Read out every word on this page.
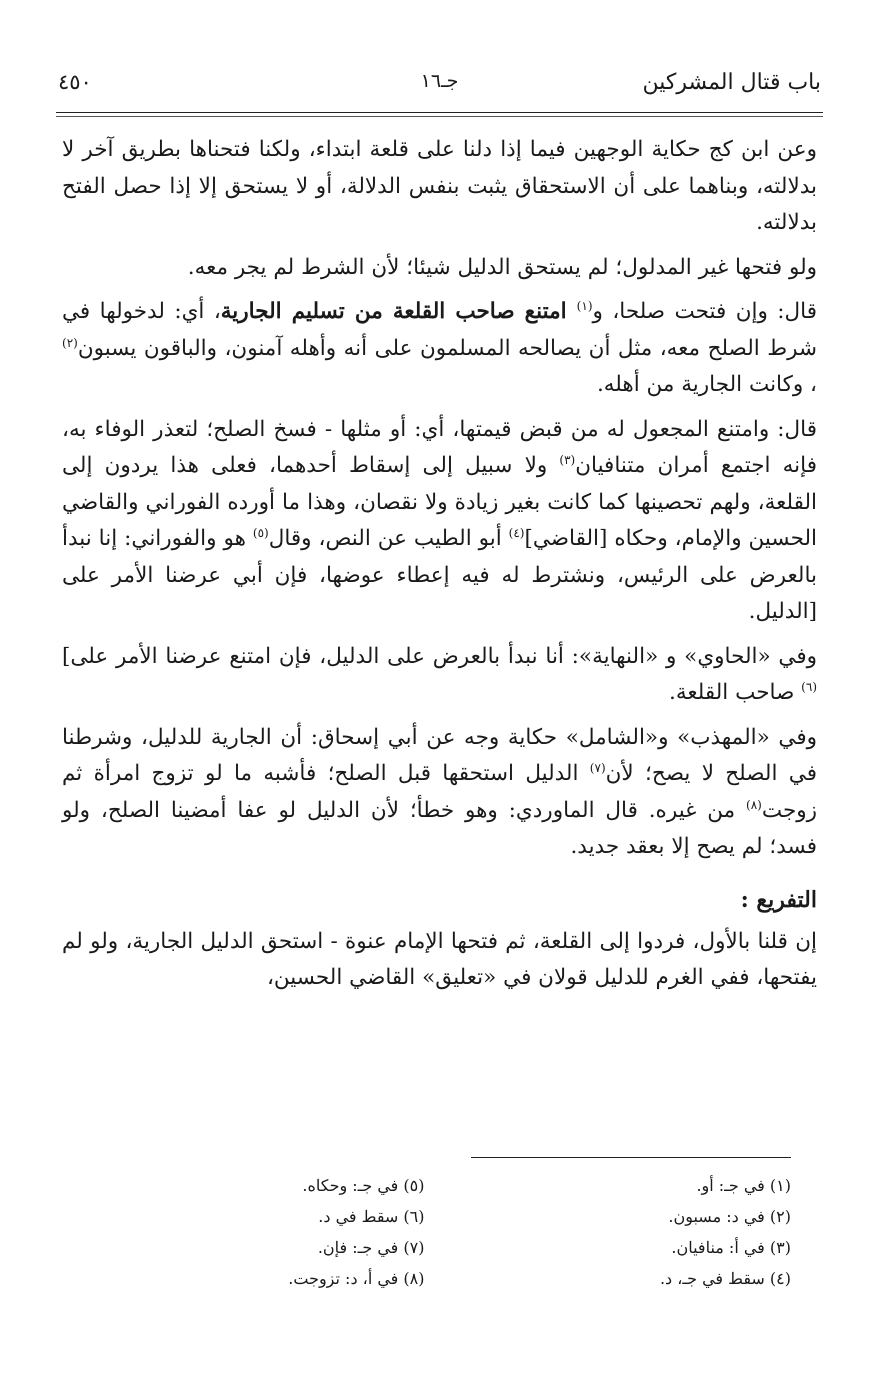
باب قتال المشركين
جـ١٦
٤٥٠

وعن ابن كج حكاية الوجهين فيما إذا دلنا على قلعة ابتداء، ولكنا فتحناها بطريق آخر لا بدلالته، وبناهما على أن الاستحقاق يثبت بنفس الدلالة، أو لا يستحق إلا إذا حصل الفتح بدلالته.

ولو فتحها غير المدلول؛ لم يستحق الدليل شيئا؛ لأن الشرط لم يجر معه.

قال: وإن فتحت صلحا، و$^{(١)}$ امتنع صاحب القلعة من تسليم الجارية، أي: لدخولها في شرط الصلح معه، مثل أن يصالحه المسلمون على أنه وأهله آمنون، والباقون يسبون$^{(٢)}$ ، وكانت الجارية من أهله.

قال: وامتنع المجعول له من قبض قيمتها، أي: أو مثلها - فسخ الصلح؛ لتعذر الوفاء به، فإنه اجتمع أمران متنافيان$^{(٣)}$ ولا سبيل إلى إسقاط أحدهما، فعلى هذا يردون إلى القلعة، ولهم تحصينها كما كانت بغير زيادة ولا نقصان، وهذا ما أورده الفوراني والقاضي الحسين والإمام، وحكاه [القاضي]$^{(٤)}$ أبو الطيب عن النص، وقال$^{(٥)}$ هو والفوراني: إنا نبدأ بالعرض على الرئيس، ونشترط له فيه إعطاء عوضها، فإن أبي عرضنا الأمر على [الدليل.

وفي «الحاوي» و «النهاية»: أنا نبدأ بالعرض على الدليل، فإن امتنع عرضنا الأمر على]$^{(٦)}$ صاحب القلعة.

وفي «المهذب» و«الشامل» حكاية وجه عن أبي إسحاق: أن الجارية للدليل، وشرطنا في الصلح لا يصح؛ لأن$^{(٧)}$ الدليل استحقها قبل الصلح؛ فأشبه ما لو تزوج امرأة ثم زوجت$^{(٨)}$ من غيره. قال الماوردي: وهو خطأ؛ لأن الدليل لو عفا أمضينا الصلح، ولو فسد؛ لم يصح إلا بعقد جديد.

التفريع :

إن قلنا بالأول، فردوا إلى القلعة، ثم فتحها الإمام عنوة - استحق الدليل الجارية، ولو لم يفتحها، ففي الغرم للدليل قولان في «تعليق» القاضي الحسين،

(١) في جـ: أو.
(٢) في د: مسبون.
(٣) في أ: منافيان.
(٤) سقط في جـ، د.
(٥) في جـ: وحكاه.
(٦) سقط في د.
(٧) في جـ: فإن.
(٨) في أ، د: تزوجت.
